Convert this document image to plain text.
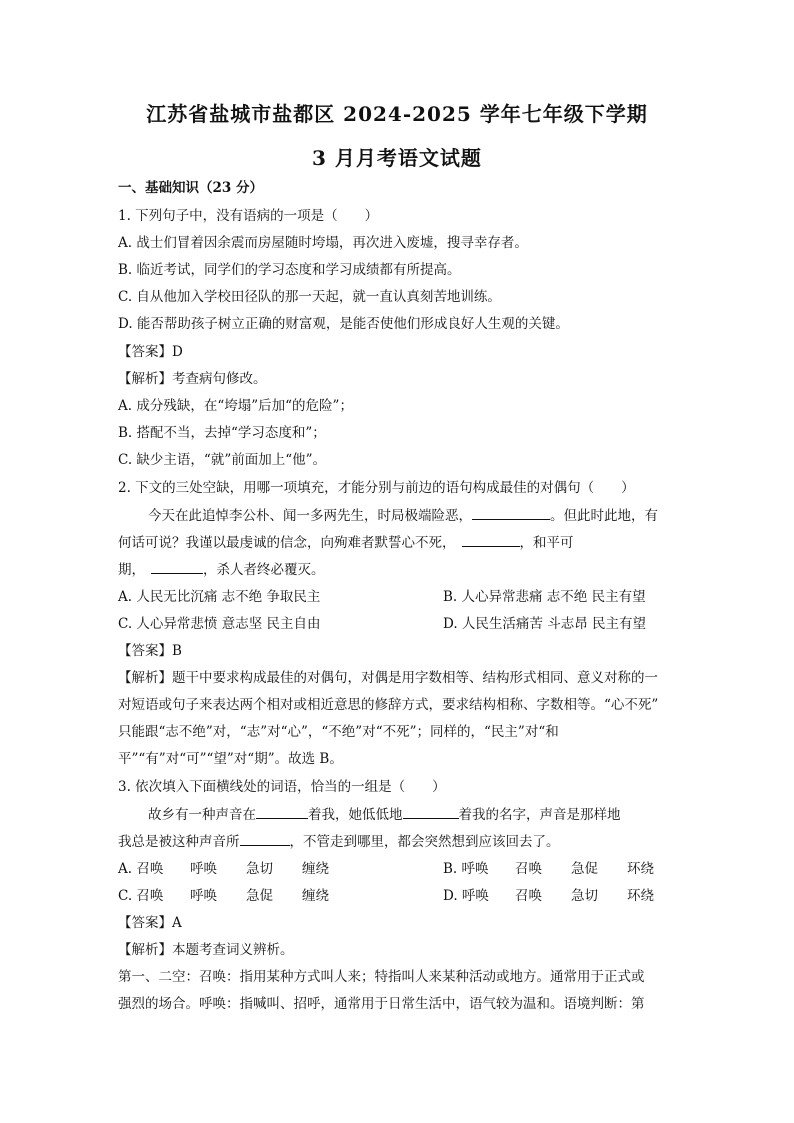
江苏省盐城市盐都区 2024-2025 学年七年级下学期
3 月月考语文试题
一、基础知识（23 分）
1. 下列句子中，没有语病的一项是（　　）
A. 战士们冒着因余震而房屋随时垮塌，再次进入废墟，搜寻幸存者。
B. 临近考试，同学们的学习态度和学习成绩都有所提高。
C. 自从他加入学校田径队的那一天起，就一直认真刻苦地训练。
D. 能否帮助孩子树立正确的财富观，是能否使他们形成良好人生观的关键。
【答案】D
【解析】考查病句修改。
A. 成分残缺，在“垮塌”后加“的危险”；
B. 搭配不当，去掉“学习态度和”；
C. 缺少主语，“就”前面加上“他”。
2. 下文的三处空缺，用哪一项填充，才能分别与前边的语句构成最佳的对偶句（　　）
今天在此追悼李公朴、闻一多两先生，时局极端险恶，	。但此时此地，有
何话可说？我谨以最虔诚的信念，向殉难者默誓心不死，	，和平可
期，	，杀人者终必覆灭。
A. 人民无比沉痛 志不绝 争取民主	B. 人心异常悲痛 志不绝 民主有望
C. 人心异常悲愤 意志坚 民主自由	D. 人民生活痛苦 斗志昂 民主有望
【答案】B
【解析】题干中要求构成最佳的对偶句，对偶是用字数相等、结构形式相同、意义对称的一
对短语或句子来表达两个相对或相近意思的修辞方式，要求结构相称、字数相等。“心不死”
只能跟“志不绝”对，“志”对“心”，“不绝”对“不死”；同样的，“民主”对“和
平”“有”对“可”“望”对“期”。故选 B。
3. 依次填入下面横线处的词语，恰当的一组是（　　）
故乡有一种声音在	着我，她低低地	着我的名字，声音是那样地
我总是被这种声音所	，不管走到哪里，都会突然想到应该回去了。
A. 召唤 呼唤 急切 缠绕	B. 呼唤 召唤 急促 环绕
C. 召唤 呼唤 急促 缠绕	D. 呼唤 召唤 急切 环绕
【答案】A
【解析】本题考查词义辨析。
第一、二空：召唤：指用某种方式叫人来；特指叫人来某种活动或地方。通常用于正式或
强烈的场合。呼唤：指喊叫、招呼，通常用于日常生活中，语气较为温和。语境判断：第
